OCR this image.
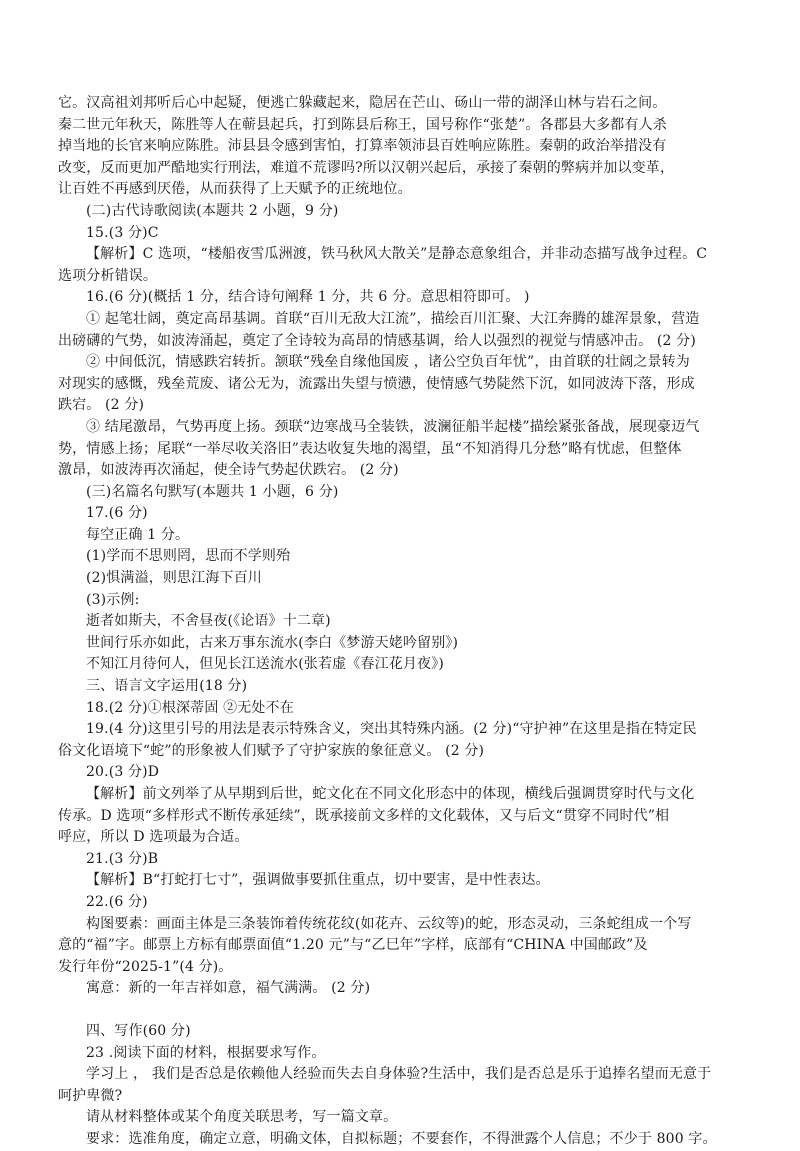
它。汉高祖刘邦听后心中起疑，便逃亡躲藏起来，隐居在芒山、砀山一带的湖泽山林与岩石之间。
秦二世元年秋天，陈胜等人在蕲县起兵，打到陈县后称王，国号称作“张楚”。各郡县大多都有人杀
掉当地的长官来响应陈胜。沛县县令感到害怕，打算率领沛县百姓响应陈胜。秦朝的政治举措没有
改变，反而更加严酷地实行刑法，难道不荒谬吗?所以汉朝兴起后，承接了秦朝的弊病并加以变革，
让百姓不再感到厌倦，从而获得了上天赋予的正统地位。
(二)古代诗歌阅读(本题共 2 小题，9 分)
15.(3 分)C
【解析】C 选项，“楼船夜雪瓜洲渡，铁马秋风大散关”是静态意象组合，并非动态描写战争过程。C
选项分析错误。
16.(6 分)(概括 1 分，结合诗句阐释 1 分，共 6 分。意思相符即可。 )
① 起笔壮阔，奠定高昂基调。首联“百川无敌大江流”，描绘百川汇聚、大江奔腾的雄浑景象，营造
出磅礴的气势，如波涛涌起，奠定了全诗较为高昂的情感基调，给人以强烈的视觉与情感冲击。 (2 分)
② 中间低沉，情感跌宕转折。颔联“残垒自缘他国废 ，诸公空负百年忧”，由首联的壮阔之景转为
对现实的感慨，残垒荒废、诸公无为，流露出失望与愤懑，使情感气势陡然下沉，如同波涛下落，形成
跌宕。 (2 分)
③ 结尾激昂，气势再度上扬。颈联“边寒战马全装铁，波澜征船半起楼”描绘紧张备战，展现豪迈气
势，情感上扬；尾联“一举尽收关洛旧”表达收复失地的渴望，虽“不知消得几分愁”略有忧虑，但整体
激昂，如波涛再次涌起，使全诗气势起伏跌宕。 (2 分)
(三)名篇名句默写(本题共 1 小题，6 分)
17.(6 分)
每空正确 1 分。
(1)学而不思则罔，思而不学则殆
(2)惧满溢，则思江海下百川
(3)示例:
逝者如斯夫，不舍昼夜(《论语》十二章)
世间行乐亦如此，古来万事东流水(李白《梦游天姥吟留别》)
不知江月待何人，但见长江送流水(张若虚《春江花月夜》)
三、语言文字运用(18 分)
18.(2 分)①根深蒂固 ②无处不在
19.(4 分)这里引号的用法是表示特殊含义，突出其特殊内涵。(2 分)“守护神”在这里是指在特定民
俗文化语境下“蛇”的形象被人们赋予了守护家族的象征意义。 (2 分)
20.(3 分)D
【解析】前文列举了从早期到后世，蛇文化在不同文化形态中的体现，横线后强调贯穿时代与文化
传承。D 选项“多样形式不断传承延续”，既承接前文多样的文化载体，又与后文“贯穿不同时代”相
呼应，所以 D 选项最为合适。
21.(3 分)B
【解析】B“打蛇打七寸”，强调做事要抓住重点，切中要害，是中性表达。
22.(6 分)
构图要素：画面主体是三条装饰着传统花纹(如花卉、云纹等)的蛇，形态灵动，三条蛇组成一个写
意的“福”字。邮票上方标有邮票面值“1.20 元”与“乙巳年”字样，底部有“CHINA 中国邮政”及
发行年份“2025-1”(4 分)。
寓意：新的一年吉祥如意，福气满满。 (2 分)
四、写作(60 分)
23 .阅读下面的材料，根据要求写作。
学习上 ， 我们是否总是依赖他人经验而失去自身体验?生活中，我们是否总是乐于追捧名望而无意于
呵护卑微?
请从材料整体或某个角度关联思考，写一篇文章。
要求：选准角度，确定立意，明确文体，自拟标题；不要套作，不得泄露个人信息；不少于 800 字。
